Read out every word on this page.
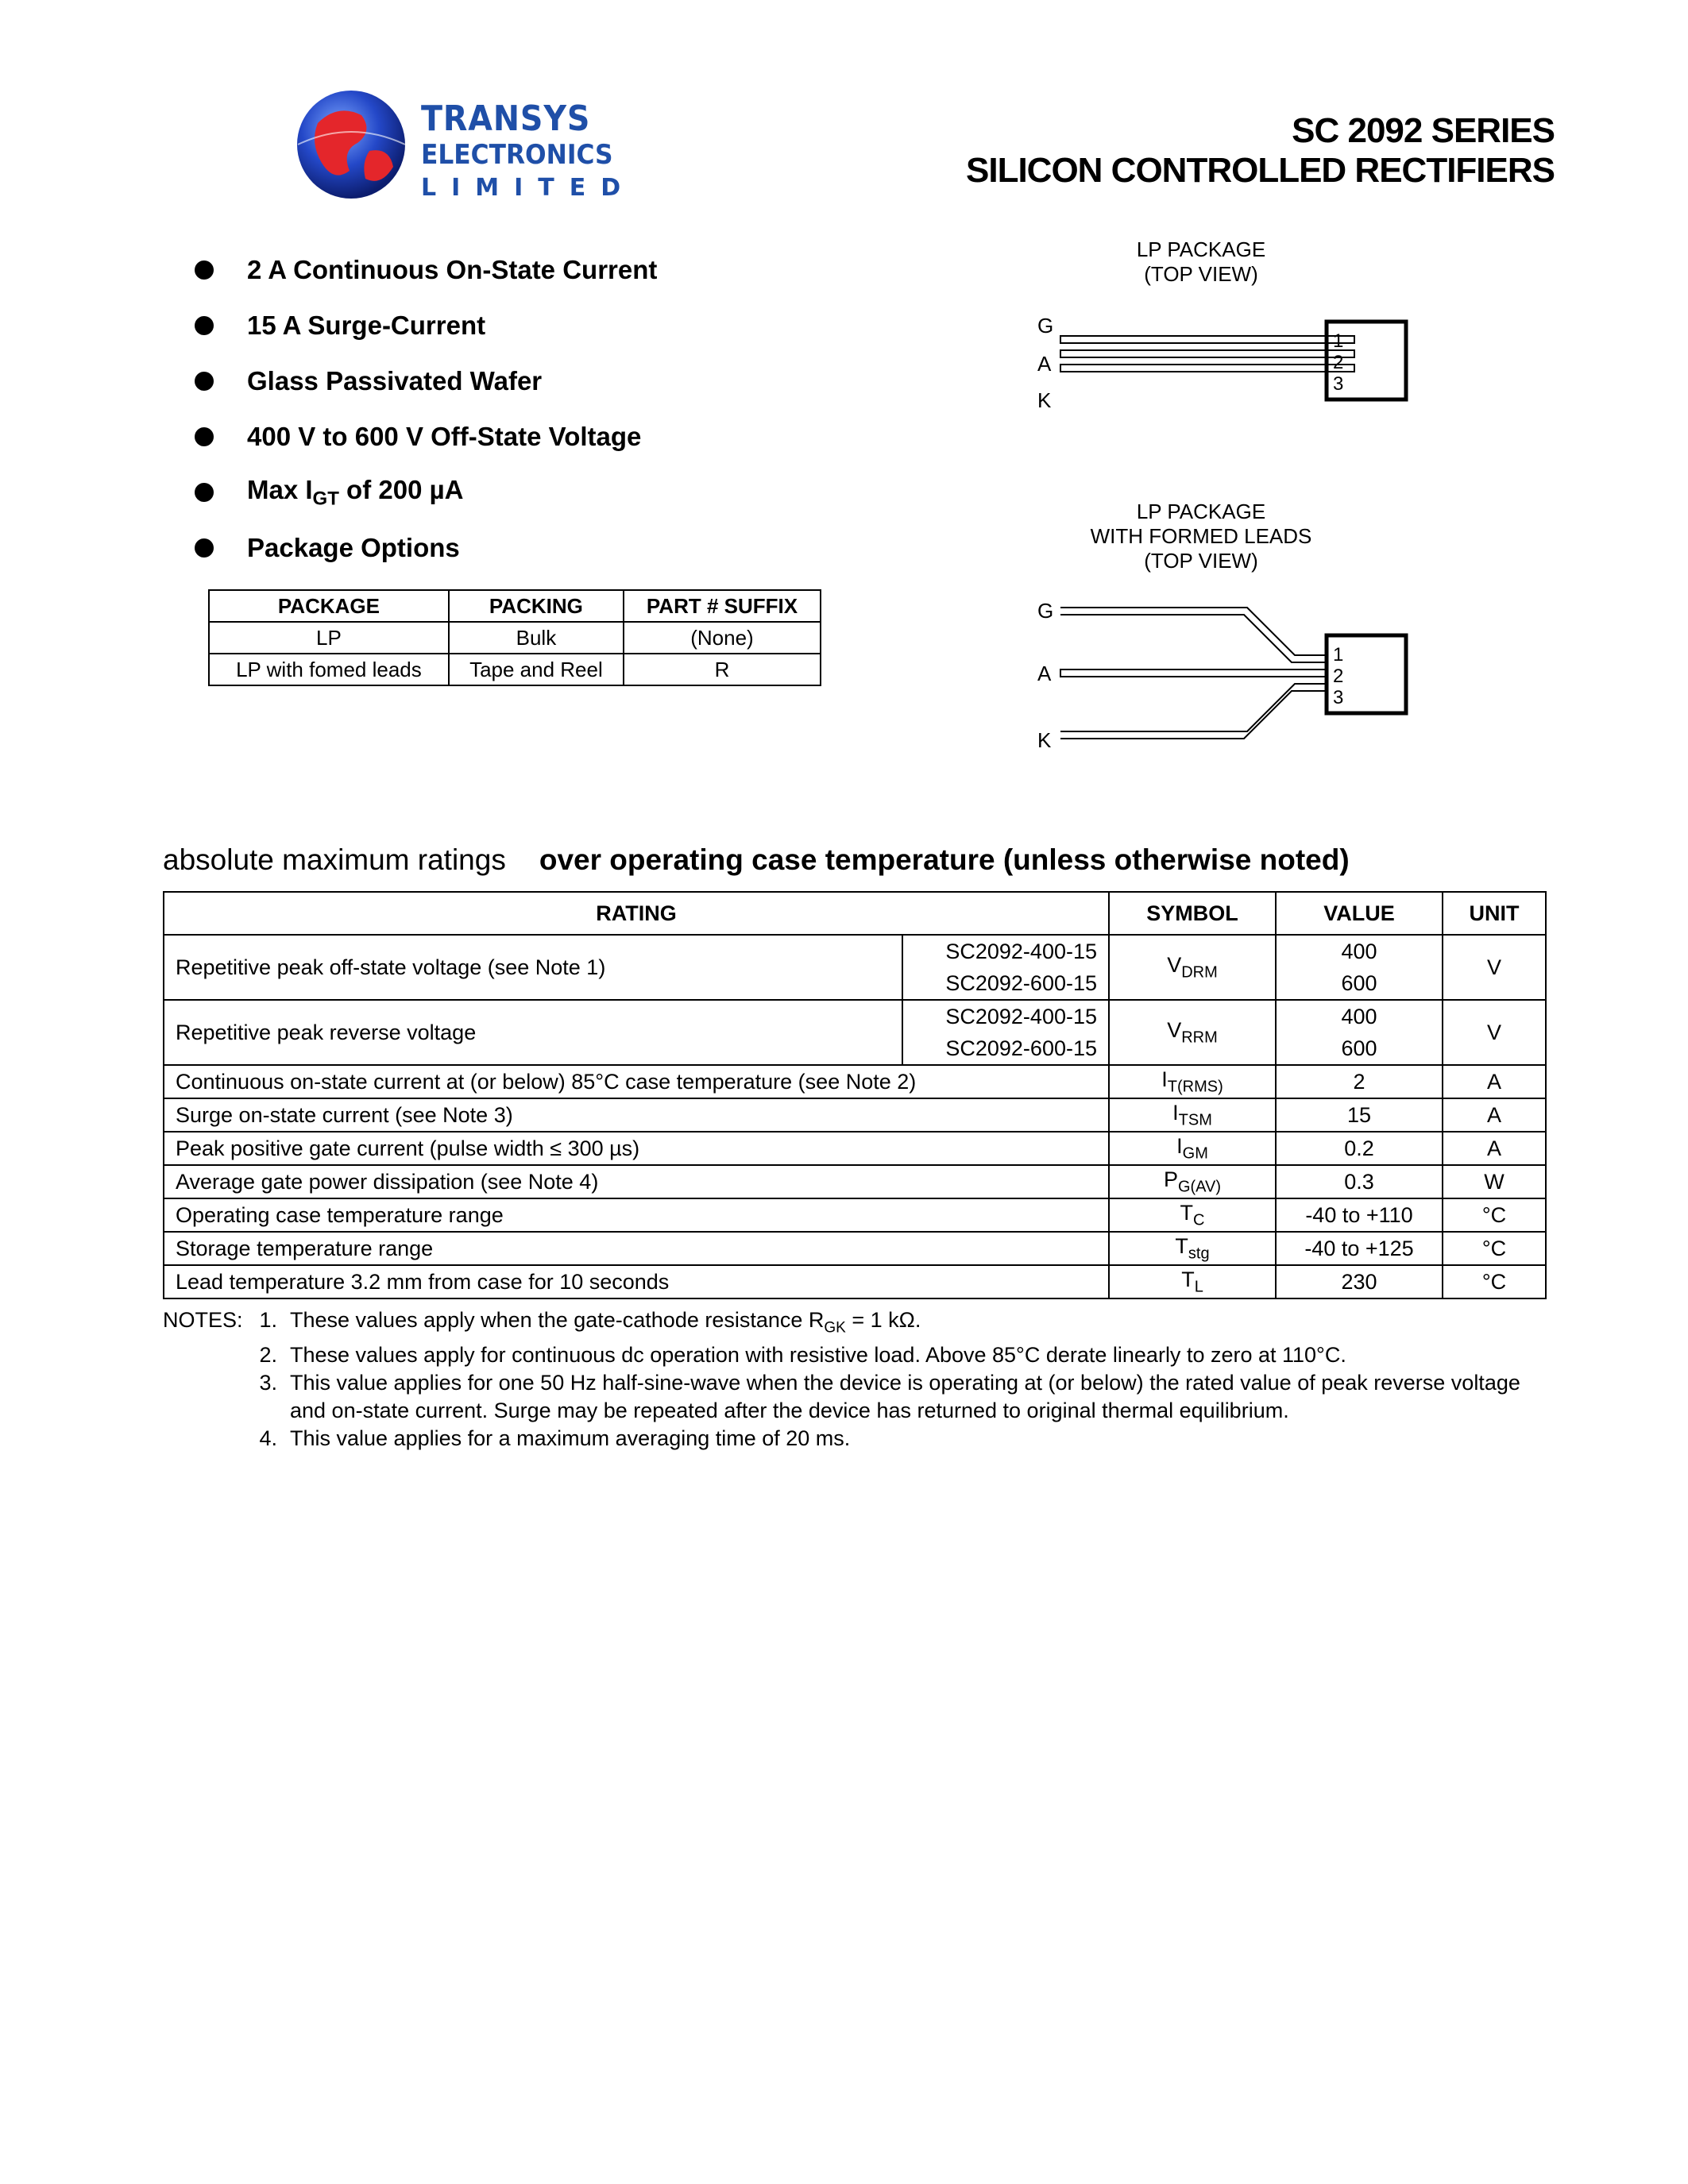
TRANSYS
ELECTRONICS
LIMITED
SC 2092 SERIES
SILICON CONTROLLED RECTIFIERS
2 A Continuous On-State Current
15 A Surge-Current
Glass Passivated Wafer
400 V to 600 V Off-State Voltage
Max $I_{GT}$ of 200 µA
Package Options
PACKAGE	PACKING	PART # SUFFIX
LP	Bulk	(None)
LP with fomed leads	Tape and Reel	R
LP PACKAGE
(TOP VIEW)
G
A
K
1
2
3
LP PACKAGE
WITH FORMED LEADS
(TOP VIEW)
G
A
K
1
2
3
absolute maximum ratings over operating case temperature (unless otherwise noted)
RATING		SYMBOL	VALUE	UNIT
Repetitive peak off-state voltage (see Note 1)	SC2092-400-15	$V_{DRM}$	400	V
	SC2092-600-15		600	
Repetitive peak reverse voltage	SC2092-400-15	$V_{RRM}$	400	V
	SC2092-600-15		600	
Continuous on-state current at (or below) 85°C case temperature (see Note 2)		$I_{T(RMS)}$	2	A
Surge on-state current (see Note 3)		$I_{TSM}$	15	A
Peak positive gate current (pulse width ≤ 300 µs)		$I_{GM}$	0.2	A
Average gate power dissipation (see Note 4)		$P_{G(AV)}$	0.3	W
Operating case temperature range		$T_C$	-40 to +110	°C
Storage temperature range		$T_{stg}$	-40 to +125	°C
Lead temperature 3.2 mm from case for 10 seconds		$T_L$	230	°C
NOTES: 1. These values apply when the gate-cathode resistance $R_{GK} = 1$ kΩ.
2. These values apply for continuous dc operation with resistive load. Above 85°C derate linearly to zero at 110°C.
3. This value applies for one 50 Hz half-sine-wave when the device is operating at (or below) the rated value of peak reverse voltage and on-state current. Surge may be repeated after the device has returned to original thermal equilibrium.
4. This value applies for a maximum averaging time of 20 ms.
